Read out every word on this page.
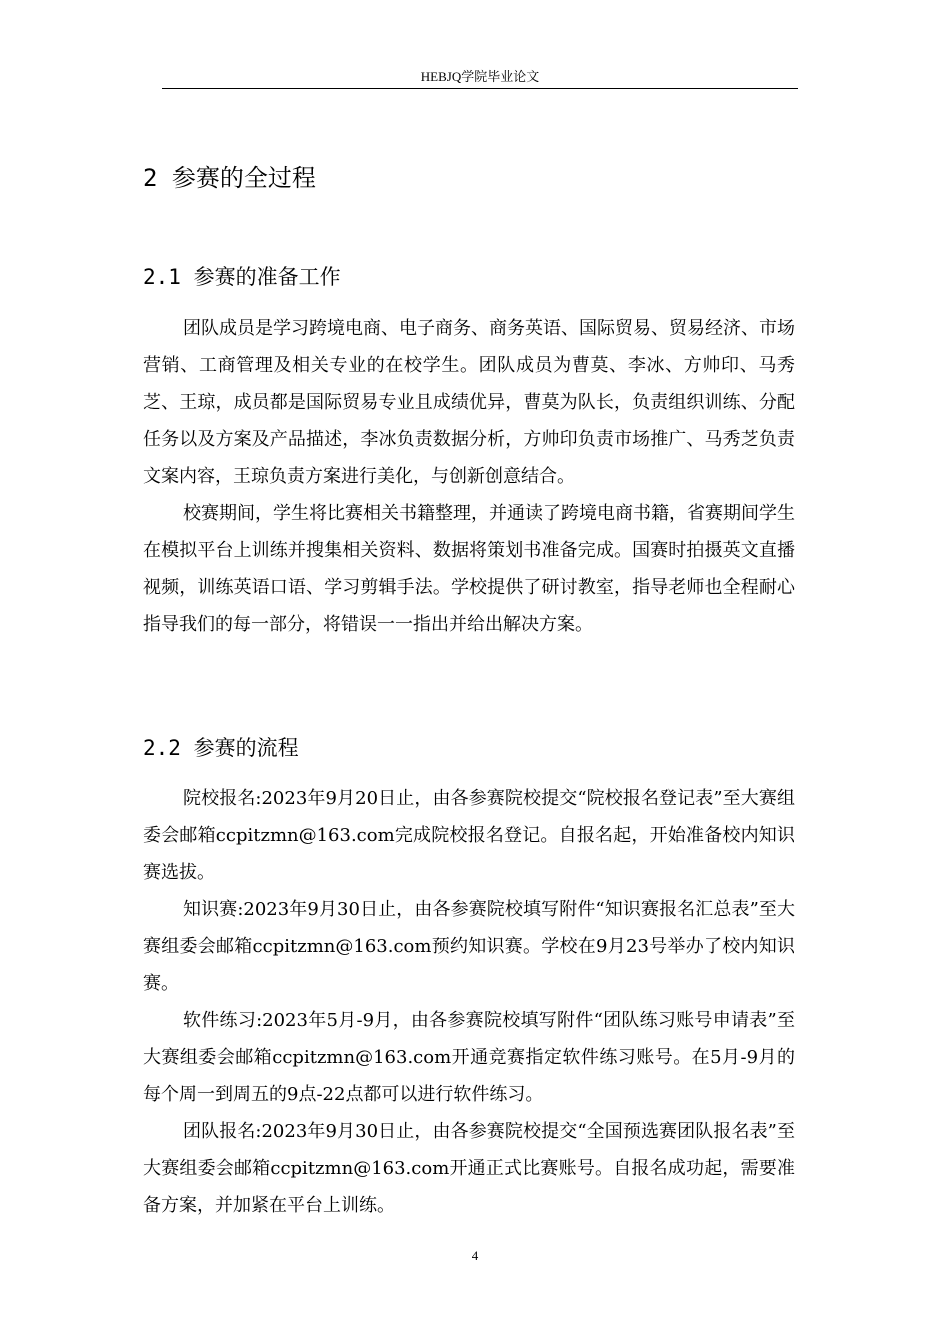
HEBJQ学院毕业论文
2 参赛的全过程
2.1 参赛的准备工作

团队成员是学习跨境电商、电子商务、商务英语、国际贸易、贸易经济、市场营销、工商管理及相关专业的在校学生。团队成员为曹莫、李冰、方帅印、马秀芝、王琼，成员都是国际贸易专业且成绩优异，曹莫为队长，负责组织训练、分配任务以及方案及产品描述，李冰负责数据分析，方帅印负责市场推广、马秀芝负责文案内容，王琼负责方案进行美化，与创新创意结合。

校赛期间，学生将比赛相关书籍整理，并通读了跨境电商书籍，省赛期间学生在模拟平台上训练并搜集相关资料、数据将策划书准备完成。国赛时拍摄英文直播视频，训练英语口语、学习剪辑手法。学校提供了研讨教室，指导老师也全程耐心指导我们的每一部分，将错误一一指出并给出解决方案。

2.2 参赛的流程

院校报名:2023年9月20日止，由各参赛院校提交“院校报名登记表”至大赛组委会邮箱ccpitzmn@163.com完成院校报名登记。自报名起，开始准备校内知识赛选拔。

知识赛:2023年9月30日止，由各参赛院校填写附件“知识赛报名汇总表”至大赛组委会邮箱ccpitzmn@163.com预约知识赛。学校在9月23号举办了校内知识赛。

软件练习:2023年5月-9月，由各参赛院校填写附件“团队练习账号申请表”至大赛组委会邮箱ccpitzmn@163.com开通竞赛指定软件练习账号。在5月-9月的每个周一到周五的9点-22点都可以进行软件练习。

团队报名:2023年9月30日止，由各参赛院校提交“全国预选赛团队报名表”至大赛组委会邮箱ccpitzmn@163.com开通正式比赛账号。自报名成功起，需要准备方案，并加紧在平台上训练。

4
